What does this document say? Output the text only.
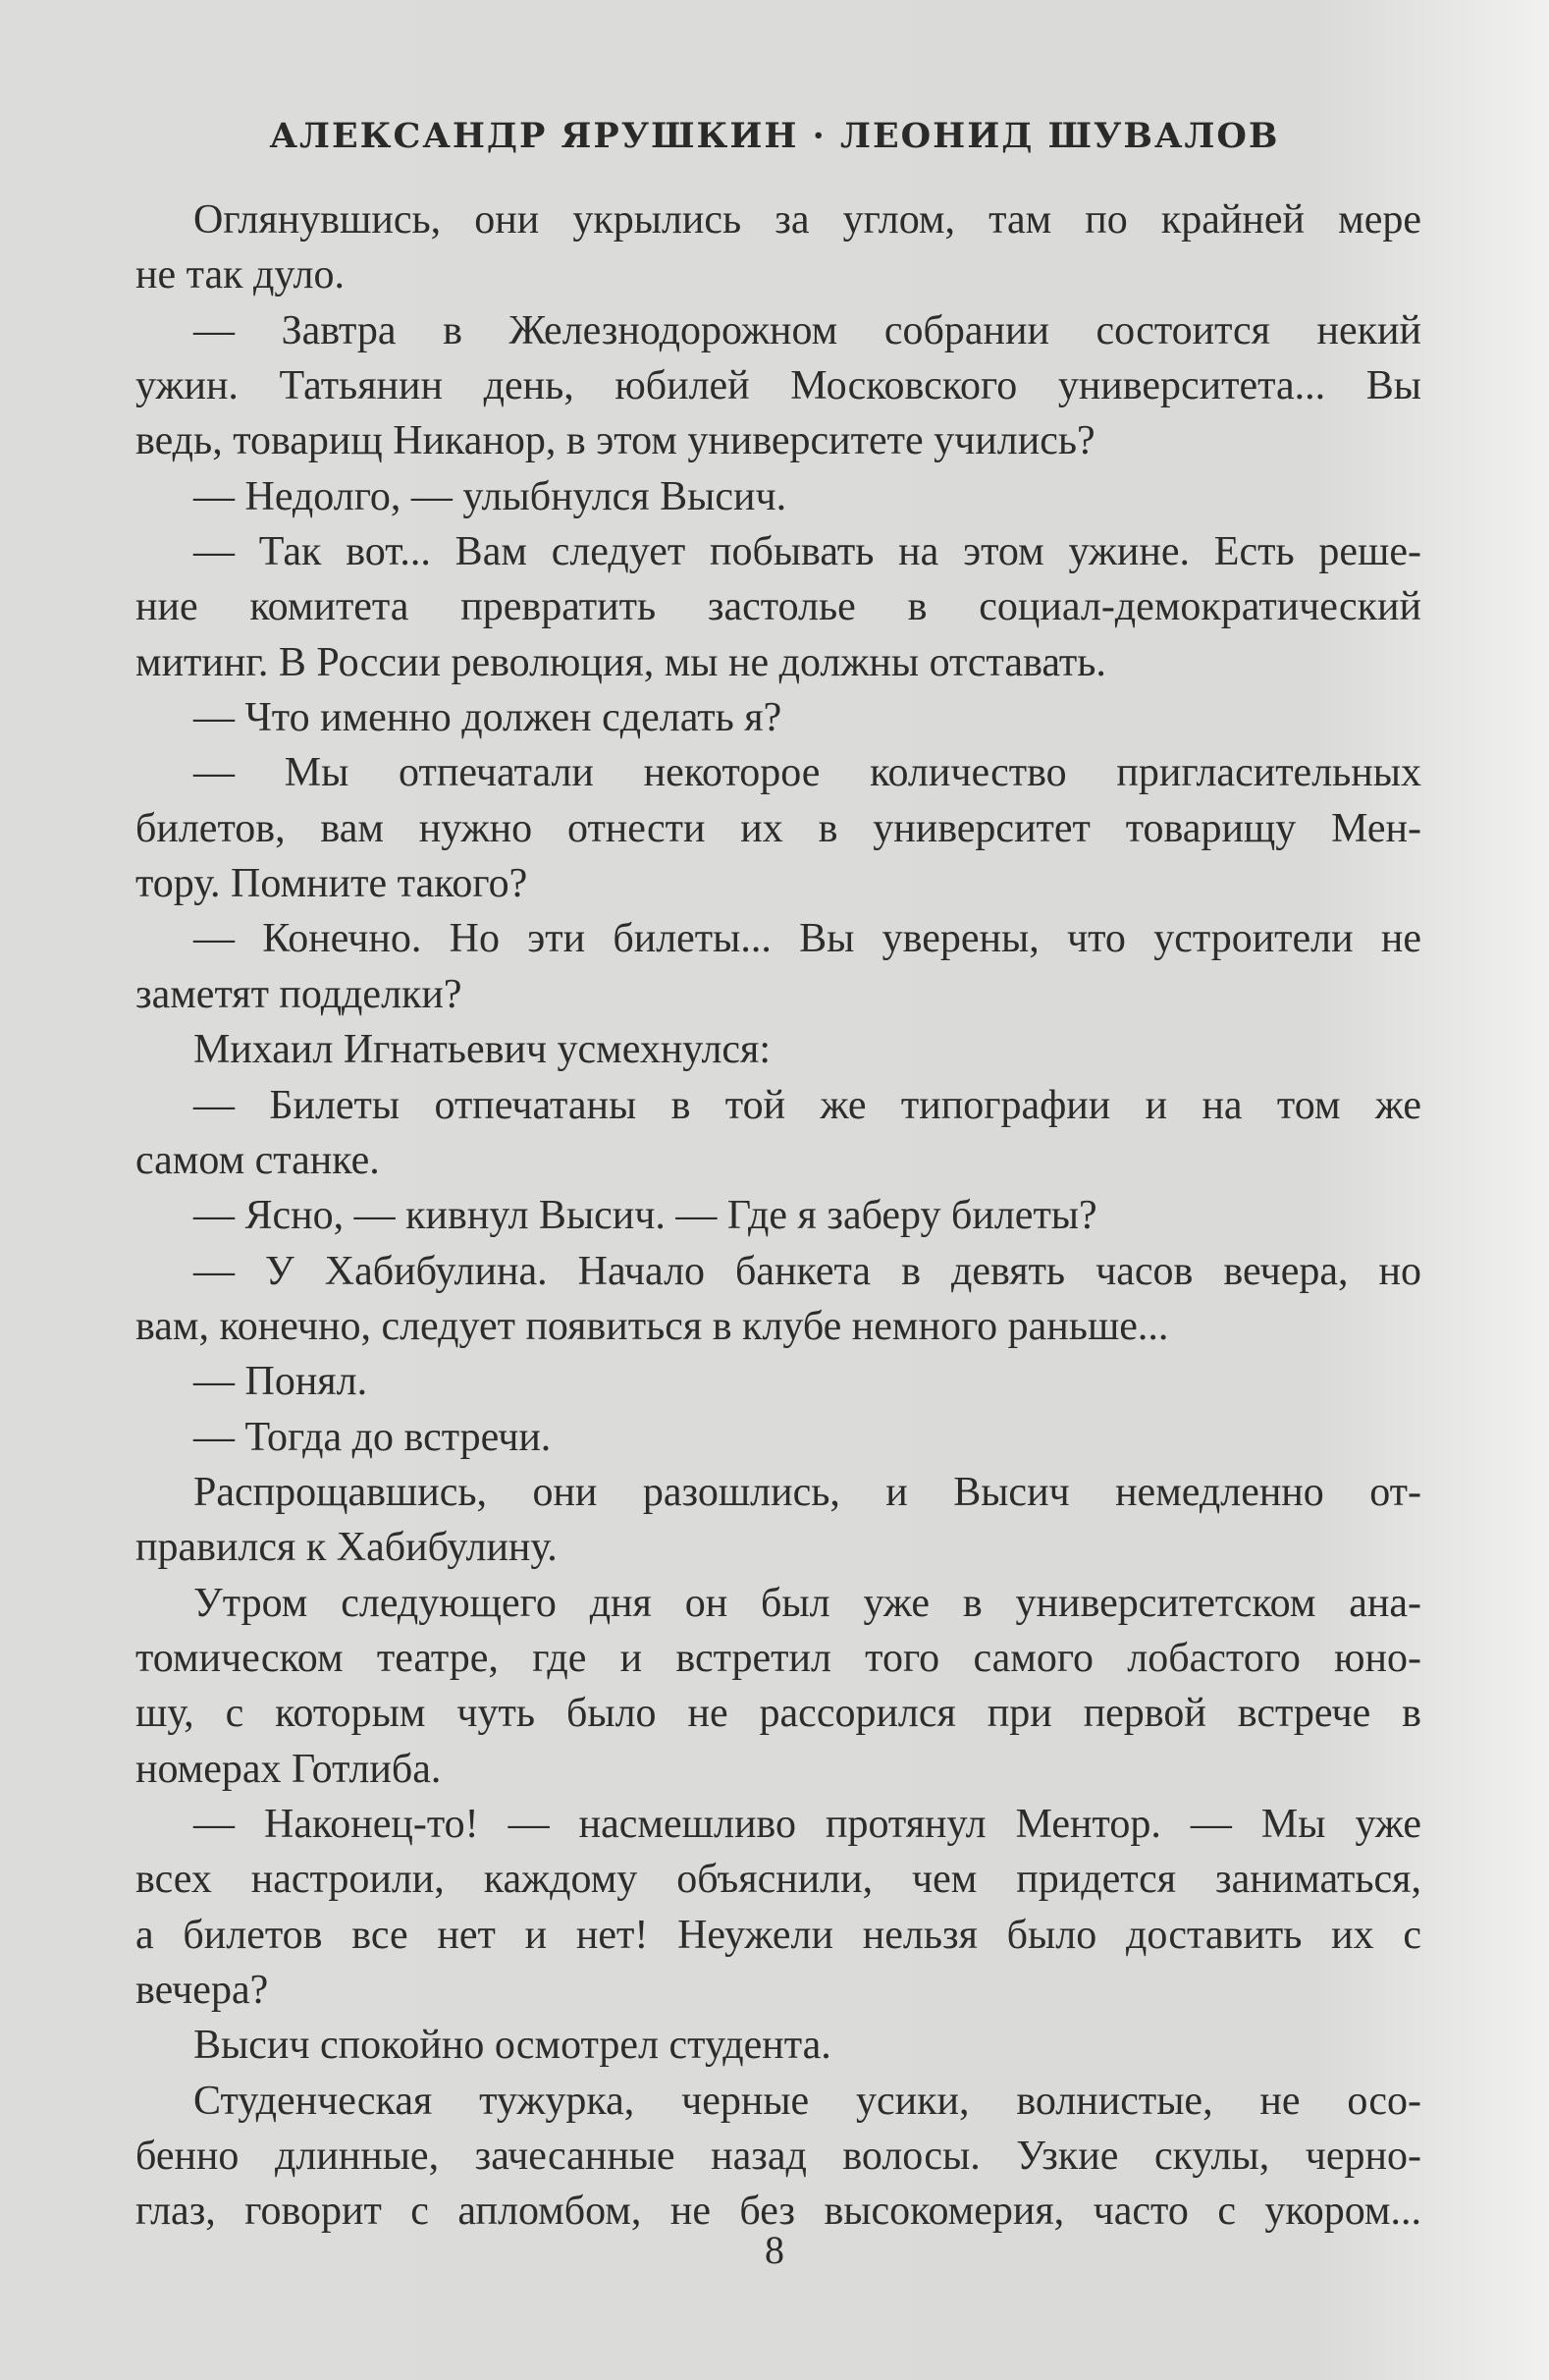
АЛЕКСАНДР ЯРУШКИН · ЛЕОНИД ШУВАЛОВ
Оглянувшись, они укрылись за углом, там по крайней мере
не так дуло.
— Завтра в Железнодорожном собрании состоится некий
ужин. Татьянин день, юбилей Московского университета... Вы
ведь, товарищ Никанор, в этом университете учились?
— Недолго, — улыбнулся Высич.
— Так вот... Вам следует побывать на этом ужине. Есть реше-
ние комитета превратить застолье в социал-демократический
митинг. В России революция, мы не должны отставать.
— Что именно должен сделать я?
— Мы отпечатали некоторое количество пригласительных
билетов, вам нужно отнести их в университет товарищу Мен-
тору. Помните такого?
— Конечно. Но эти билеты... Вы уверены, что устроители не
заметят подделки?
Михаил Игнатьевич усмехнулся:
— Билеты отпечатаны в той же типографии и на том же
самом станке.
— Ясно, — кивнул Высич. — Где я заберу билеты?
— У Хабибулина. Начало банкета в девять часов вечера, но
вам, конечно, следует появиться в клубе немного раньше...
— Понял.
— Тогда до встречи.
Распрощавшись, они разошлись, и Высич немедленно от-
правился к Хабибулину.
Утром следующего дня он был уже в университетском ана-
томическом театре, где и встретил того самого лобастого юно-
шу, с которым чуть было не рассорился при первой встрече в
номерах Готлиба.
— Наконец-то! — насмешливо протянул Ментор. — Мы уже
всех настроили, каждому объяснили, чем придется заниматься,
а билетов все нет и нет! Неужели нельзя было доставить их с
вечера?
Высич спокойно осмотрел студента.
Студенческая тужурка, черные усики, волнистые, не осо-
бенно длинные, зачесанные назад волосы. Узкие скулы, черно-
глаз, говорит с апломбом, не без высокомерия, часто с укором...
8
